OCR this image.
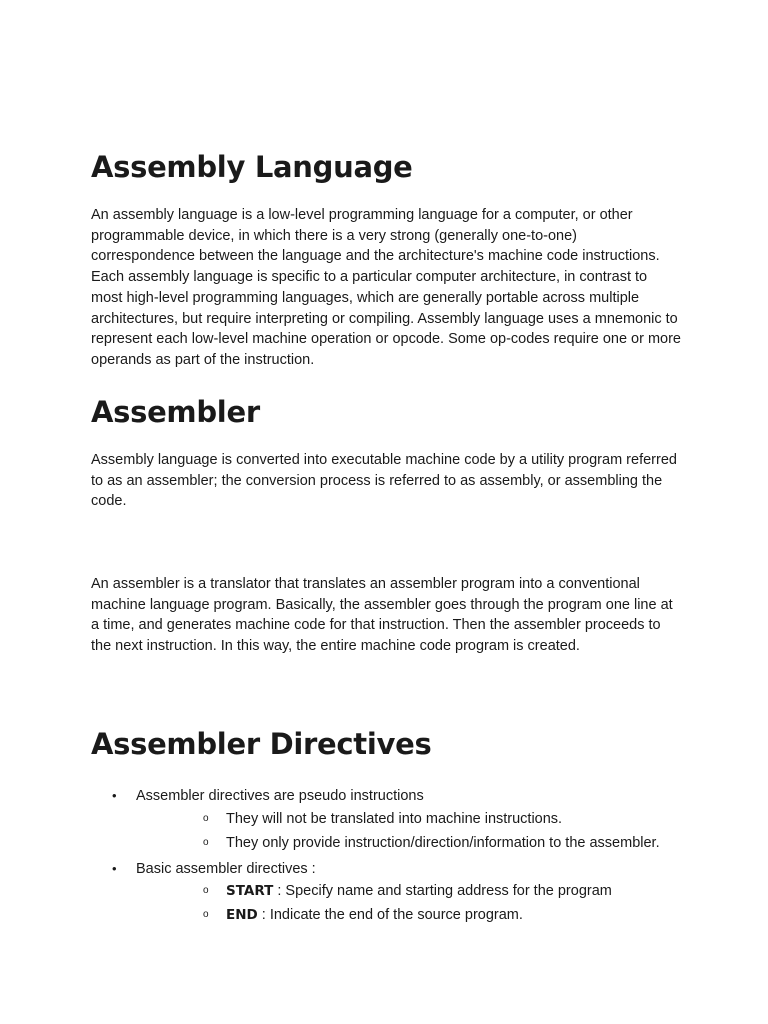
Assembly Language

An assembly language is a low-level programming language for a computer, or other programmable device, in which there is a very strong (generally one-to-one) correspondence between the language and the architecture's machine code instructions. Each assembly language is specific to a particular computer architecture, in contrast to most high-level programming languages, which are generally portable across multiple architectures, but require interpreting or compiling. Assembly language uses a mnemonic to represent each low-level machine operation or opcode. Some op-codes require one or more operands as part of the instruction.

Assembler

Assembly language is converted into executable machine code by a utility program referred to as an assembler; the conversion process is referred to as assembly, or assembling the code.

An assembler is a translator that translates an assembler program into a conventional machine language program. Basically, the assembler goes through the program one line at a time, and generates machine code for that instruction. Then the assembler proceeds to the next instruction. In this way, the entire machine code program is created.

Assembler Directives
• Assembler directives are pseudo instructions
o They will not be translated into machine instructions.
o They only provide instruction/direction/information to the assembler.
• Basic assembler directives :
o START : Specify name and starting address for the program
o END : Indicate the end of the source program.
